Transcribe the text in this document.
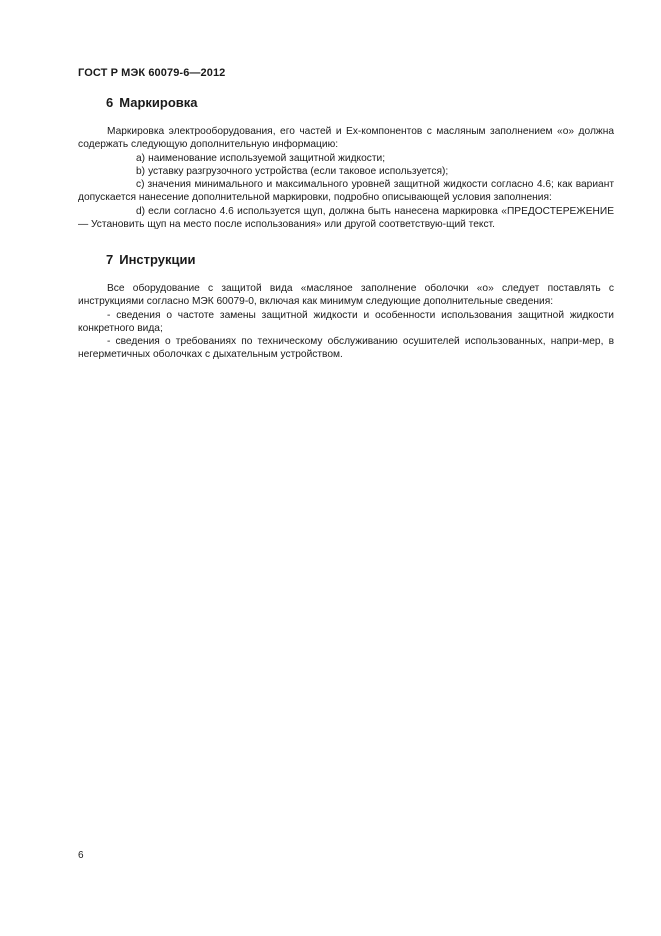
ГОСТ Р МЭК 60079-6—2012
6 Маркировка

Маркировка электрооборудования, его частей и Ex-компонентов с масляным заполнением «о» должна содержать следующую дополнительную информацию:

a) наименование используемой защитной жидкости;

b) уставку разгрузочного устройства (если таковое используется);

c) значения минимального и максимального уровней защитной жидкости согласно 4.6; как вариант допускается нанесение дополнительной маркировки, подробно описывающей условия заполнения:

d) если согласно 4.6 используется щуп, должна быть нанесена маркировка «ПРЕДОСТЕРЕЖЕНИЕ — Установить щуп на место после использования» или другой соответствую-щий текст.

7 Инструкции

Все оборудование с защитой вида «масляное заполнение оболочки «о» следует поставлять с инструкциями согласно МЭК 60079-0, включая как минимум следующие дополнительные сведения:

- сведения о частоте замены защитной жидкости и особенности использования защитной жидкости конкретного вида;

- сведения о требованиях по техническому обслуживанию осушителей использованных, напри-мер, в негерметичных оболочках с дыхательным устройством.

6
